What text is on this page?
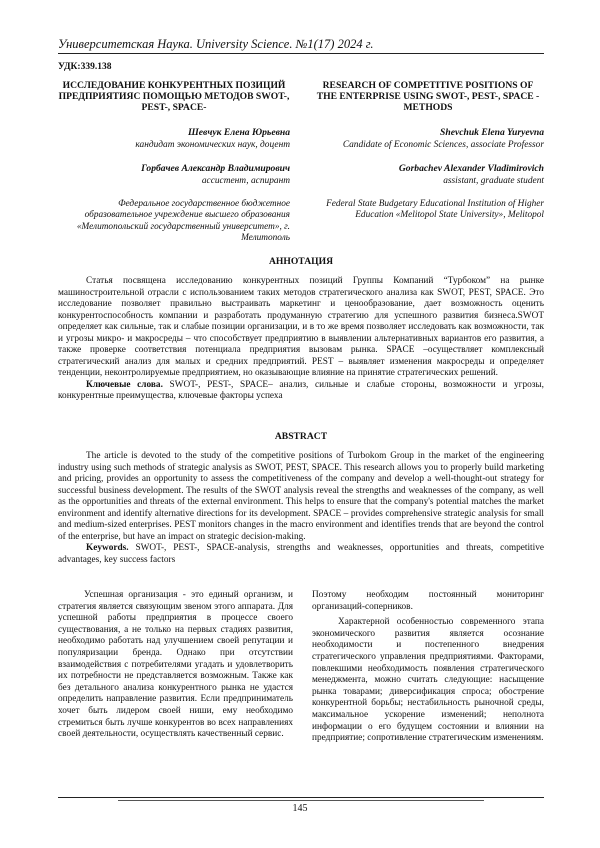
Университетская Наука. University Science. №1(17) 2024 г.
УДК:339.138
ИССЛЕДОВАНИЕ КОНКУРЕНТНЫХ ПОЗИЦИЙ ПРЕДПРИЯТИЯС ПОМОЩЬЮ МЕТОДОВ SWOT-, PEST-, SPACE-
Шевчук Елена Юрьевна
кандидат экономических наук, доцент
Горбачев Александр Владимирович
ассистент, аспирант
Федеральное государственное бюджетное образовательное учреждение высшего образования «Мелитопольский государственный университет», г. Мелитополь
RESEARCH OF COMPETITIVE POSITIONS OF THE ENTERPRISE USING SWOT-, PEST-, SPACE -METHODS
Shevchuk Elena Yuryevna
Candidate of Economic Sciences, associate Professor
Gorbachev Alexander Vladimirovich
assistant, graduate student
Federal State Budgetary Educational Institution of Higher Education «Melitopol State University», Melitopol
АННОТАЦИЯ

Статья посвящена исследованию конкурентных позиций Группы Компаний “Турбоком” на рынке машиностроительной отрасли с использованием таких методов стратегического анализа как SWOT, PEST, SPACE. Это исследование позволяет правильно выстраивать маркетинг и ценообразование, дает возможность оценить конкурентоспособность компании и разработать продуманную стратегию для успешного развития бизнеса.SWOT определяет как сильные, так и слабые позиции организации, и в то же время позволяет исследовать как возможности, так и угрозы микро- и макросреды – что способствует предприятию в выявлении альтернативных вариантов его развития, а также проверке соответствия потенциала предприятия вызовам рынка. SPACE –осуществляет комплексный стратегический анализ для малых и средних предприятий. PEST – выявляет изменения макросреды и определяет тенденции, неконтролируемые предприятием, но оказывающие влияние на принятие стратегических решений.

Ключевые слова. SWOT-, PEST-, SPACE– анализ, сильные и слабые стороны, возможности и угрозы, конкурентные преимущества, ключевые факторы успеха

ABSTRACT

The article is devoted to the study of the competitive positions of Turbokom Group in the market of the engineering industry using such methods of strategic analysis as SWOT, PEST, SPACE. This research allows you to properly build marketing and pricing, provides an opportunity to assess the competitiveness of the company and develop a well-thought-out strategy for successful business development. The results of the SWOT analysis reveal the strengths and weaknesses of the company, as well as the opportunities and threats of the external environment. This helps to ensure that the company's potential matches the market environment and identify alternative directions for its development. SPACE – provides comprehensive strategic analysis for small and medium-sized enterprises. PEST monitors changes in the macro environment and identifies trends that are beyond the control of the enterprise, but have an impact on strategic decision-making.

Keywords. SWOT-, PEST-, SPACE-analysis, strengths and weaknesses, opportunities and threats, competitive advantages, key success factors

Успешная организация - это единый организм, и стратегия является связующим звеном этого аппарата. Для успешной работы предприятия в процессе своего существования, а не только на первых стадиях развития, необходимо работать над улучшением своей репутации и популяризации бренда. Однако при отсутствии взаимодействия с потребителями угадать и удовлетворить их потребности не представляется возможным. Также как без детального анализа конкурентного рынка не удастся определить направление развития. Если предприниматель хочет быть лидером своей ниши, ему необходимо стремиться быть лучше конкурентов во всех направлениях своей деятельности, осуществлять качественный сервис.

Поэтому необходим постоянный мониторинг организаций-соперников.

Характерной особенностью современного этапа экономического развития является осознание необходимости и постепенного внедрения стратегического управления предприятиями. Факторами, повлекшими необходимость появления стратегического менеджмента, можно считать следующие: насыщение рынка товарами; диверсификация спроса; обострение конкурентной борьбы; нестабильность рыночной среды, максимальное ускорение изменений; неполнота информации о его будущем состоянии и влиянии на предприятие; сопротивление стратегическим изменениям.

145
